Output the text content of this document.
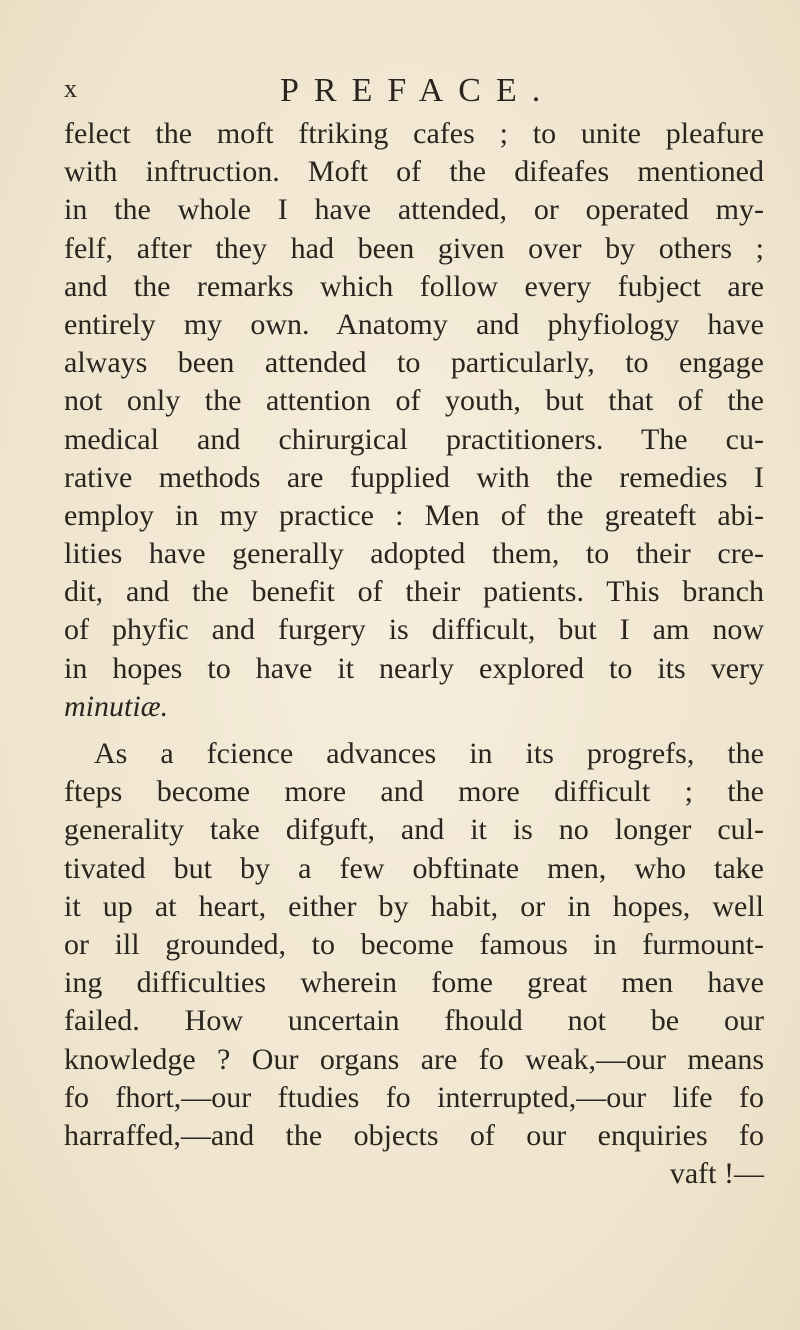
x	PREFACE.
felect the moft ftriking cafes ; to unite pleafure
with inftruction. Moft of the difeafes mentioned
in the whole I have attended, or operated my-
felf, after they had been given over by others ;
and the remarks which follow every fubject are
entirely my own. Anatomy and phyfiology have
always been attended to particularly, to engage
not only the attention of youth, but that of the
medical and chirurgical practitioners. The cu-
rative methods are fupplied with the remedies I
employ in my practice : Men of the greateft abi-
lities have generally adopted them, to their cre-
dit, and the benefit of their patients. This branch
of phyfic and furgery is difficult, but I am now
in hopes to have it nearly explored to its very
minutiæ.
As a fcience advances in its progrefs, the
fteps become more and more difficult ; the
generality take difguft, and it is no longer cul-
tivated but by a few obftinate men, who take
it up at heart, either by habit, or in hopes, well
or ill grounded, to become famous in furmount-
ing difficulties wherein fome great men have
failed. How uncertain fhould not be our
knowledge ? Our organs are fo weak,—our means
fo fhort,—our ftudies fo interrupted,—our life fo
harraffed,—and the objects of our enquiries fo
vaft !—
